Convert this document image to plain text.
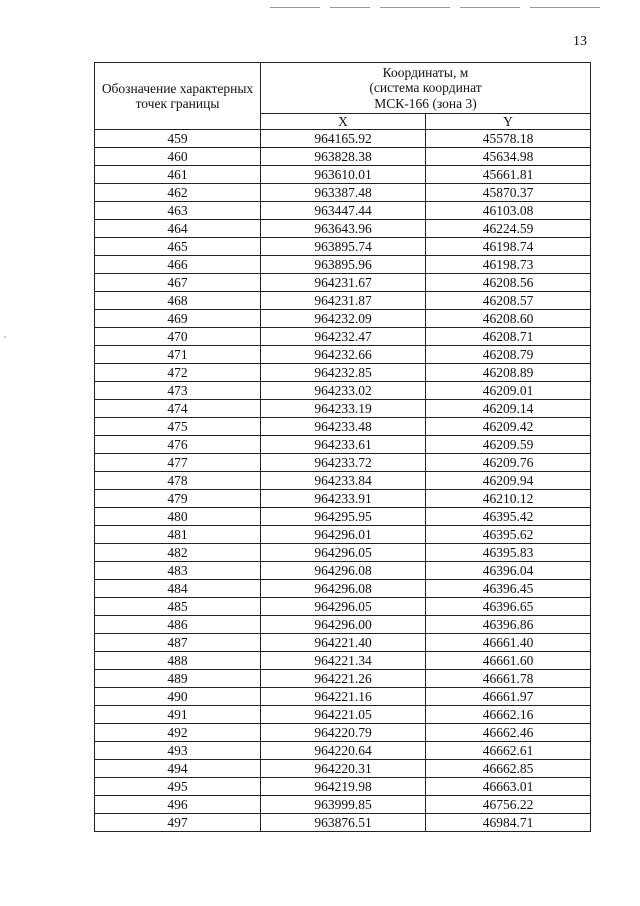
13
Обозначение характерных точек границы	Координаты, м
(система координат
МСК-166 (зона 3)	

	X	Y
459	964165.92	45578.18
460	963828.38	45634.98
461	963610.01	45661.81
462	963387.48	45870.37
463	963447.44	46103.08
464	963643.96	46224.59
465	963895.74	46198.74
466	963895.96	46198.73
467	964231.67	46208.56
468	964231.87	46208.57
469	964232.09	46208.60
470	964232.47	46208.71
471	964232.66	46208.79
472	964232.85	46208.89
473	964233.02	46209.01
474	964233.19	46209.14
475	964233.48	46209.42
476	964233.61	46209.59
477	964233.72	46209.76
478	964233.84	46209.94
479	964233.91	46210.12
480	964295.95	46395.42
481	964296.01	46395.62
482	964296.05	46395.83
483	964296.08	46396.04
484	964296.08	46396.45
485	964296.05	46396.65
486	964296.00	46396.86
487	964221.40	46661.40
488	964221.34	46661.60
489	964221.26	46661.78
490	964221.16	46661.97
491	964221.05	46662.16
492	964220.79	46662.46
493	964220.64	46662.61
494	964220.31	46662.85
495	964219.98	46663.01
496	963999.85	46756.22
497	963876.51	46984.71
